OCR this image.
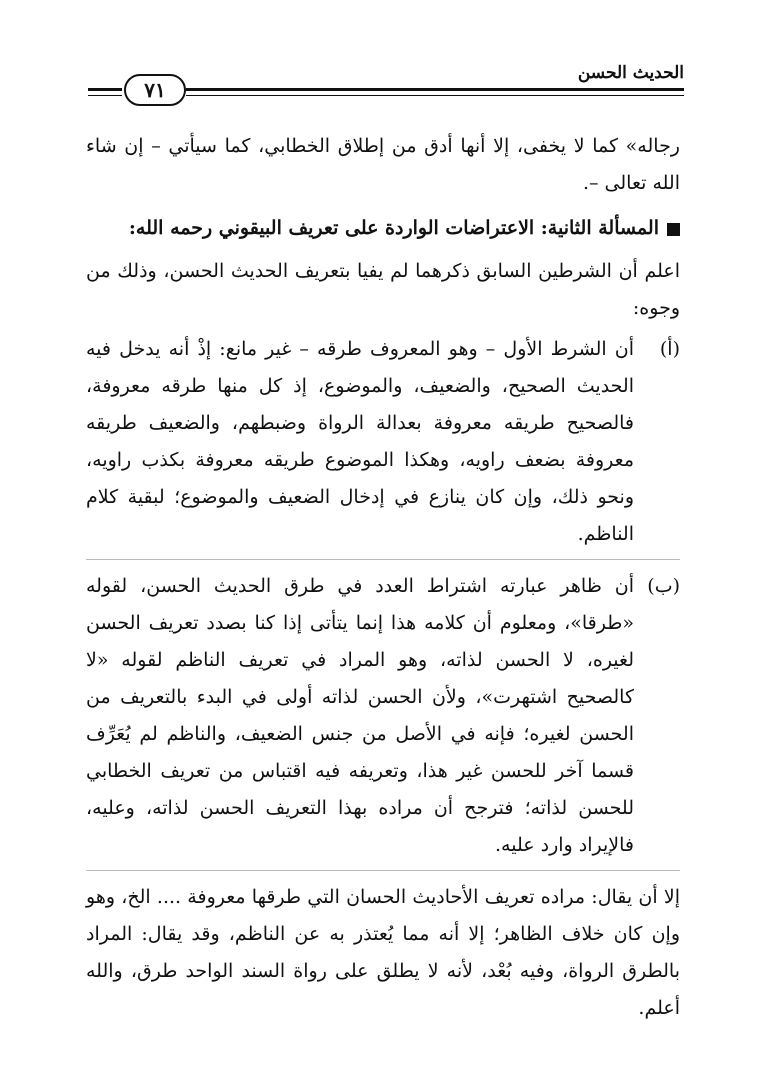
الحديث الحسن
٧١

رجاله» كما لا يخفى، إلا أنها أدق من إطلاق الخطابي، كما سيأتي – إن شاء الله تعالى –.

المسألة الثانية: الاعتراضات الواردة على تعريف البيقوني رحمه الله:

اعلم أن الشرطين السابق ذكرهما لم يفيا بتعريف الحديث الحسن، وذلك من وجوه:

(أ)
أن الشرط الأول – وهو المعروف طرقه – غير مانع: إذْ أنه يدخل فيه الحديث الصحيح، والضعيف، والموضوع، إذ كل منها طرقه معروفة، فالصحيح طريقه معروفة بعدالة الرواة وضبطهم، والضعيف طريقه معروفة بضعف راويه، وهكذا الموضوع طريقه معروفة بكذب راويه، ونحو ذلك، وإن كان ينازع في إدخال الضعيف والموضوع؛ لبقية كلام الناظم.
(ب)
أن ظاهر عبارته اشتراط العدد في طرق الحديث الحسن، لقوله «طرقا»، ومعلوم أن كلامه هذا إنما يتأتى إذا كنا بصدد تعريف الحسن لغيره، لا الحسن لذاته، وهو المراد في تعريف الناظم لقوله «لا كالصحيح اشتهرت»، ولأن الحسن لذاته أولى في البدء بالتعريف من الحسن لغيره؛ فإنه في الأصل من جنس الضعيف، والناظم لم يُعَرِّف قسما آخر للحسن غير هذا، وتعريفه فيه اقتباس من تعريف الخطابي للحسن لذاته؛ فترجح أن مراده بهذا التعريف الحسن لذاته، وعليه، فالإيراد وارد عليه.

إلا أن يقال: مراده تعريف الأحاديث الحسان التي طرقها معروفة .... الخ، وهو وإن كان خلاف الظاهر؛ إلا أنه مما يُعتذر به عن الناظم، وقد يقال: المراد بالطرق الرواة، وفيه بُعْد، لأنه لا يطلق على رواة السند الواحد طرق، والله أعلم.
